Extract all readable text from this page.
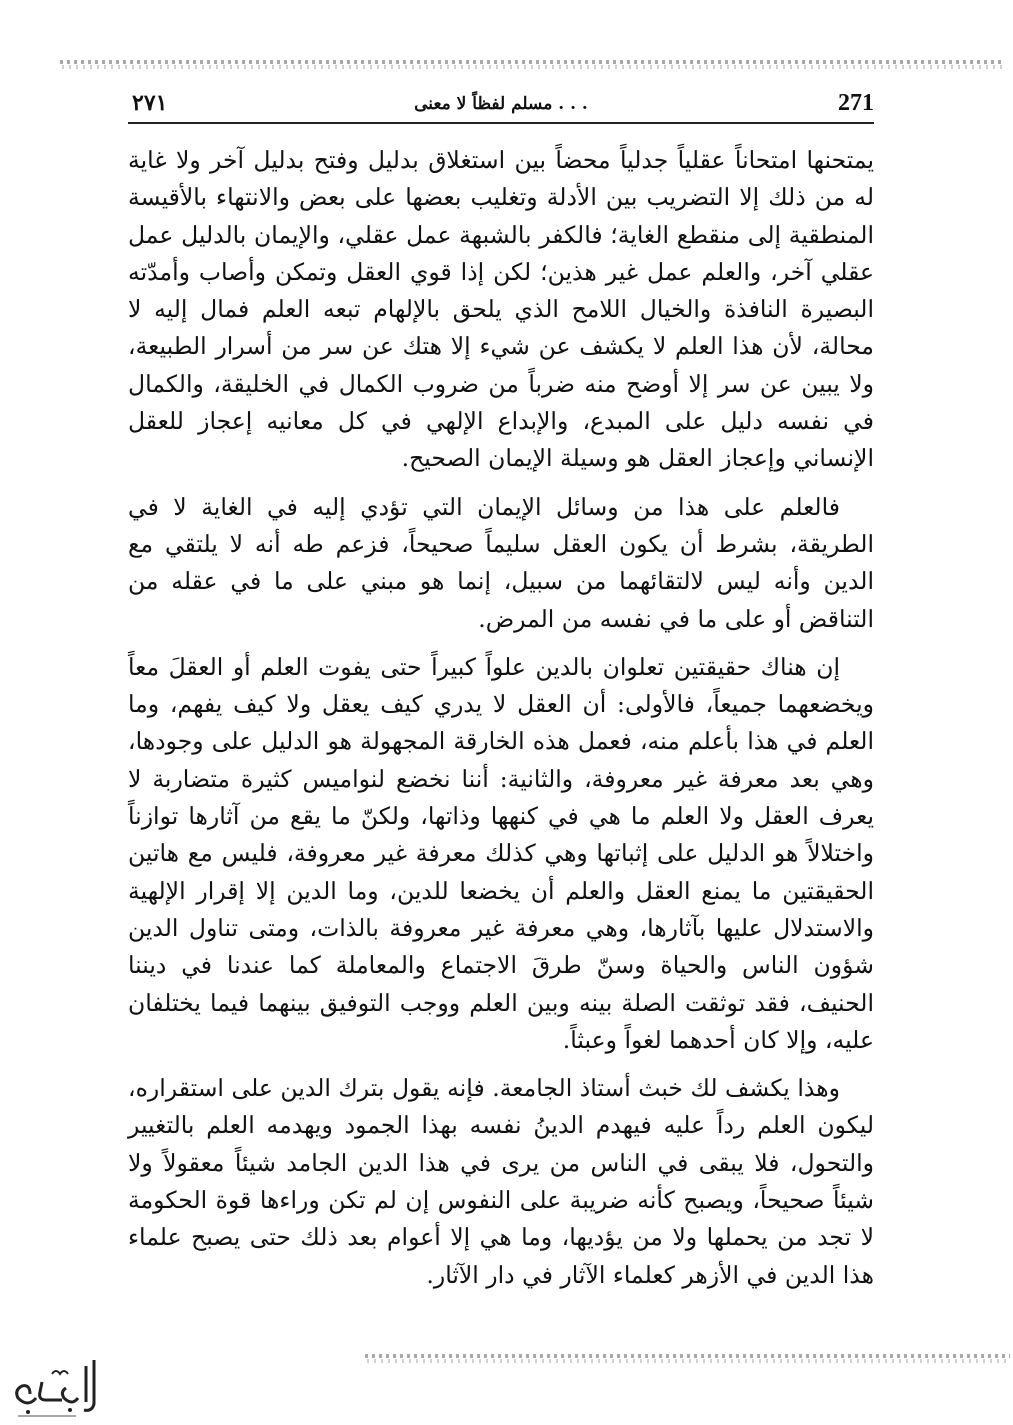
٢٧١	مسلم لفظاً لا معنى . . .	271

يمتحنها امتحاناً عقلياً جدلياً محضاً بين استغلاق بدليل وفتح بدليل آخر ولا غاية له من ذلك إلا التضريب بين الأدلة وتغليب بعضها على بعض والانتهاء بالأقيسة المنطقية إلى منقطع الغاية؛ فالكفر بالشبهة عمل عقلي، والإيمان بالدليل عمل عقلي آخر، والعلم عمل غير هذين؛ لكن إذا قوي العقل وتمكن وأصاب وأمدّته البصيرة النافذة والخيال اللامح الذي يلحق بالإلهام تبعه العلم فمال إليه لا محالة، لأن هذا العلم لا يكشف عن شيء إلا هتك عن سر من أسرار الطبيعة، ولا يبين عن سر إلا أوضح منه ضرباً من ضروب الكمال في الخليقة، والكمال في نفسه دليل على المبدع، والإبداع الإلهي في كل معانيه إعجاز للعقل الإنساني وإعجاز العقل هو وسيلة الإيمان الصحيح.

فالعلم على هذا من وسائل الإيمان التي تؤدي إليه في الغاية لا في الطريقة، بشرط أن يكون العقل سليماً صحيحاً، فزعم طه أنه لا يلتقي مع الدين وأنه ليس لالتقائهما من سبيل، إنما هو مبني على ما في عقله من التناقض أو على ما في نفسه من المرض.

إن هناك حقيقتين تعلوان بالدين علواً كبيراً حتى يفوت العلم أو العقلَ معاً ويخضعهما جميعاً، فالأولى: أن العقل لا يدري كيف يعقل ولا كيف يفهم، وما العلم في هذا بأعلم منه، فعمل هذه الخارقة المجهولة هو الدليل على وجودها، وهي بعد معرفة غير معروفة، والثانية: أننا نخضع لنواميس كثيرة متضاربة لا يعرف العقل ولا العلم ما هي في كنهها وذاتها، ولكنّ ما يقع من آثارها توازناً واختلالاً هو الدليل على إثباتها وهي كذلك معرفة غير معروفة، فليس مع هاتين الحقيقتين ما يمنع العقل والعلم أن يخضعا للدين، وما الدين إلا إقرار الإلهية والاستدلال عليها بآثارها، وهي معرفة غير معروفة بالذات، ومتى تناول الدين شؤون الناس والحياة وسنّ طرقَ الاجتماع والمعاملة كما عندنا في ديننا الحنيف، فقد توثقت الصلة بينه وبين العلم ووجب التوفيق بينهما فيما يختلفان عليه، وإلا كان أحدهما لغواً وعبثاً.

وهذا يكشف لك خبث أستاذ الجامعة. فإنه يقول بترك الدين على استقراره، ليكون العلم رداً عليه فيهدم الدينُ نفسه بهذا الجمود ويهدمه العلم بالتغيير والتحول، فلا يبقى في الناس من يرى في هذا الدين الجامد شيئاً معقولاً ولا شيئاً صحيحاً، ويصبح كأنه ضريبة على النفوس إن لم تكن وراءها قوة الحكومة لا تجد من يحملها ولا من يؤديها، وما هي إلا أعوام بعد ذلك حتى يصبح علماء هذا الدين في الأزهر كعلماء الآثار في دار الآثار.
